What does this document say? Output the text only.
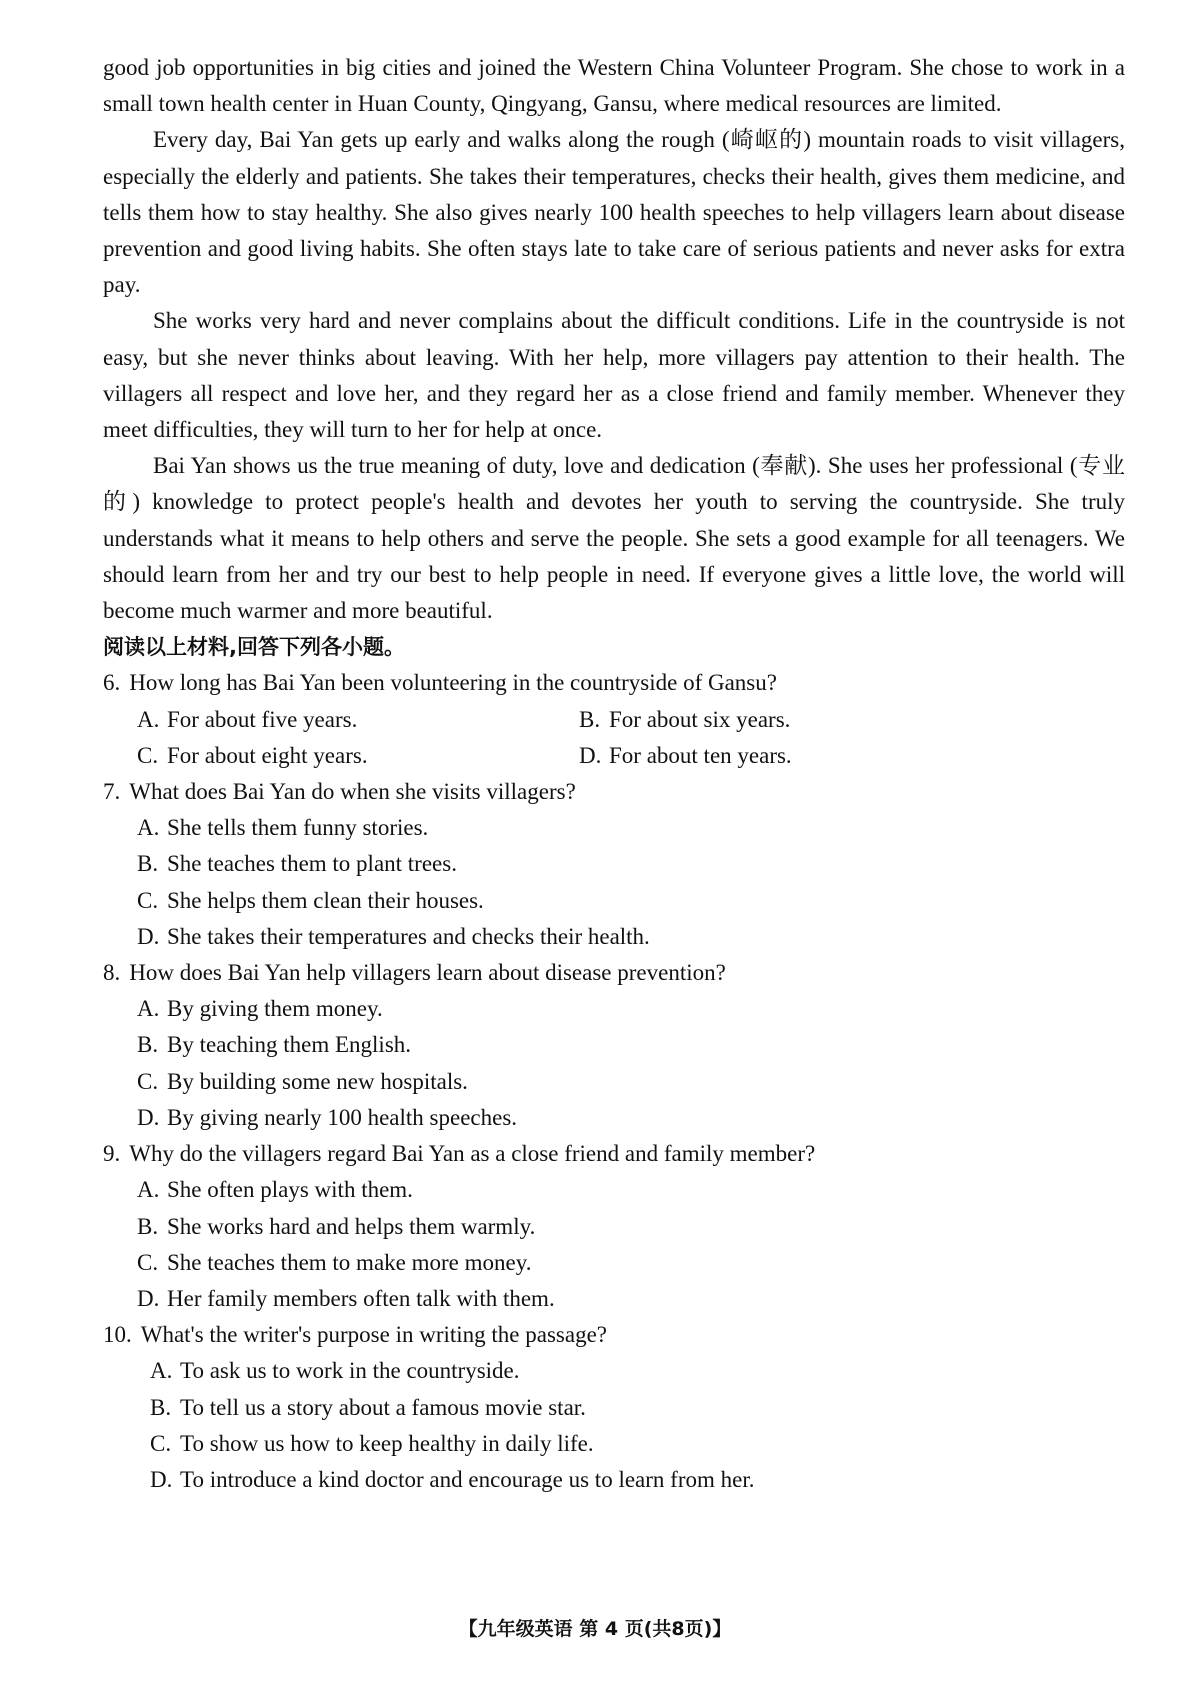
good job opportunities in big cities and joined the Western China Volunteer Program. She chose to work in a small town health center in Huan County, Qingyang, Gansu, where medical resources are limited.

Every day, Bai Yan gets up early and walks along the rough (崎岖的) mountain roads to visit villagers, especially the elderly and patients. She takes their temperatures, checks their health, gives them medicine, and tells them how to stay healthy. She also gives nearly 100 health speeches to help villagers learn about disease prevention and good living habits. She often stays late to take care of serious patients and never asks for extra pay.

She works very hard and never complains about the difficult conditions. Life in the countryside is not easy, but she never thinks about leaving. With her help, more villagers pay attention to their health. The villagers all respect and love her, and they regard her as a close friend and family member. Whenever they meet difficulties, they will turn to her for help at once.

Bai Yan shows us the true meaning of duty, love and dedication (奉献). She uses her professional (专业的) knowledge to protect people's health and devotes her youth to serving the countryside. She truly understands what it means to help others and serve the people. She sets a good example for all teenagers. We should learn from her and try our best to help people in need. If everyone gives a little love, the world will become much warmer and more beautiful.

阅读以上材料,回答下列各小题。

6. How long has Bai Yan been volunteering in the countryside of Gansu?

A. For about five years.	B. For about six years.
C. For about eight years.	D. For about ten years.

7. What does Bai Yan do when she visits villagers?

A. She tells them funny stories.
B. She teaches them to plant trees.
C. She helps them clean their houses.
D. She takes their temperatures and checks their health.

8. How does Bai Yan help villagers learn about disease prevention?

A. By giving them money.
B. By teaching them English.
C. By building some new hospitals.
D. By giving nearly 100 health speeches.

9. Why do the villagers regard Bai Yan as a close friend and family member?

A. She often plays with them.
B. She works hard and helps them warmly.
C. She teaches them to make more money.
D. Her family members often talk with them.

10. What's the writer's purpose in writing the passage?

A. To ask us to work in the countryside.
B. To tell us a story about a famous movie star.
C. To show us how to keep healthy in daily life.
D. To introduce a kind doctor and encourage us to learn from her.
【九年级英语 第 4 页(共8页)】
